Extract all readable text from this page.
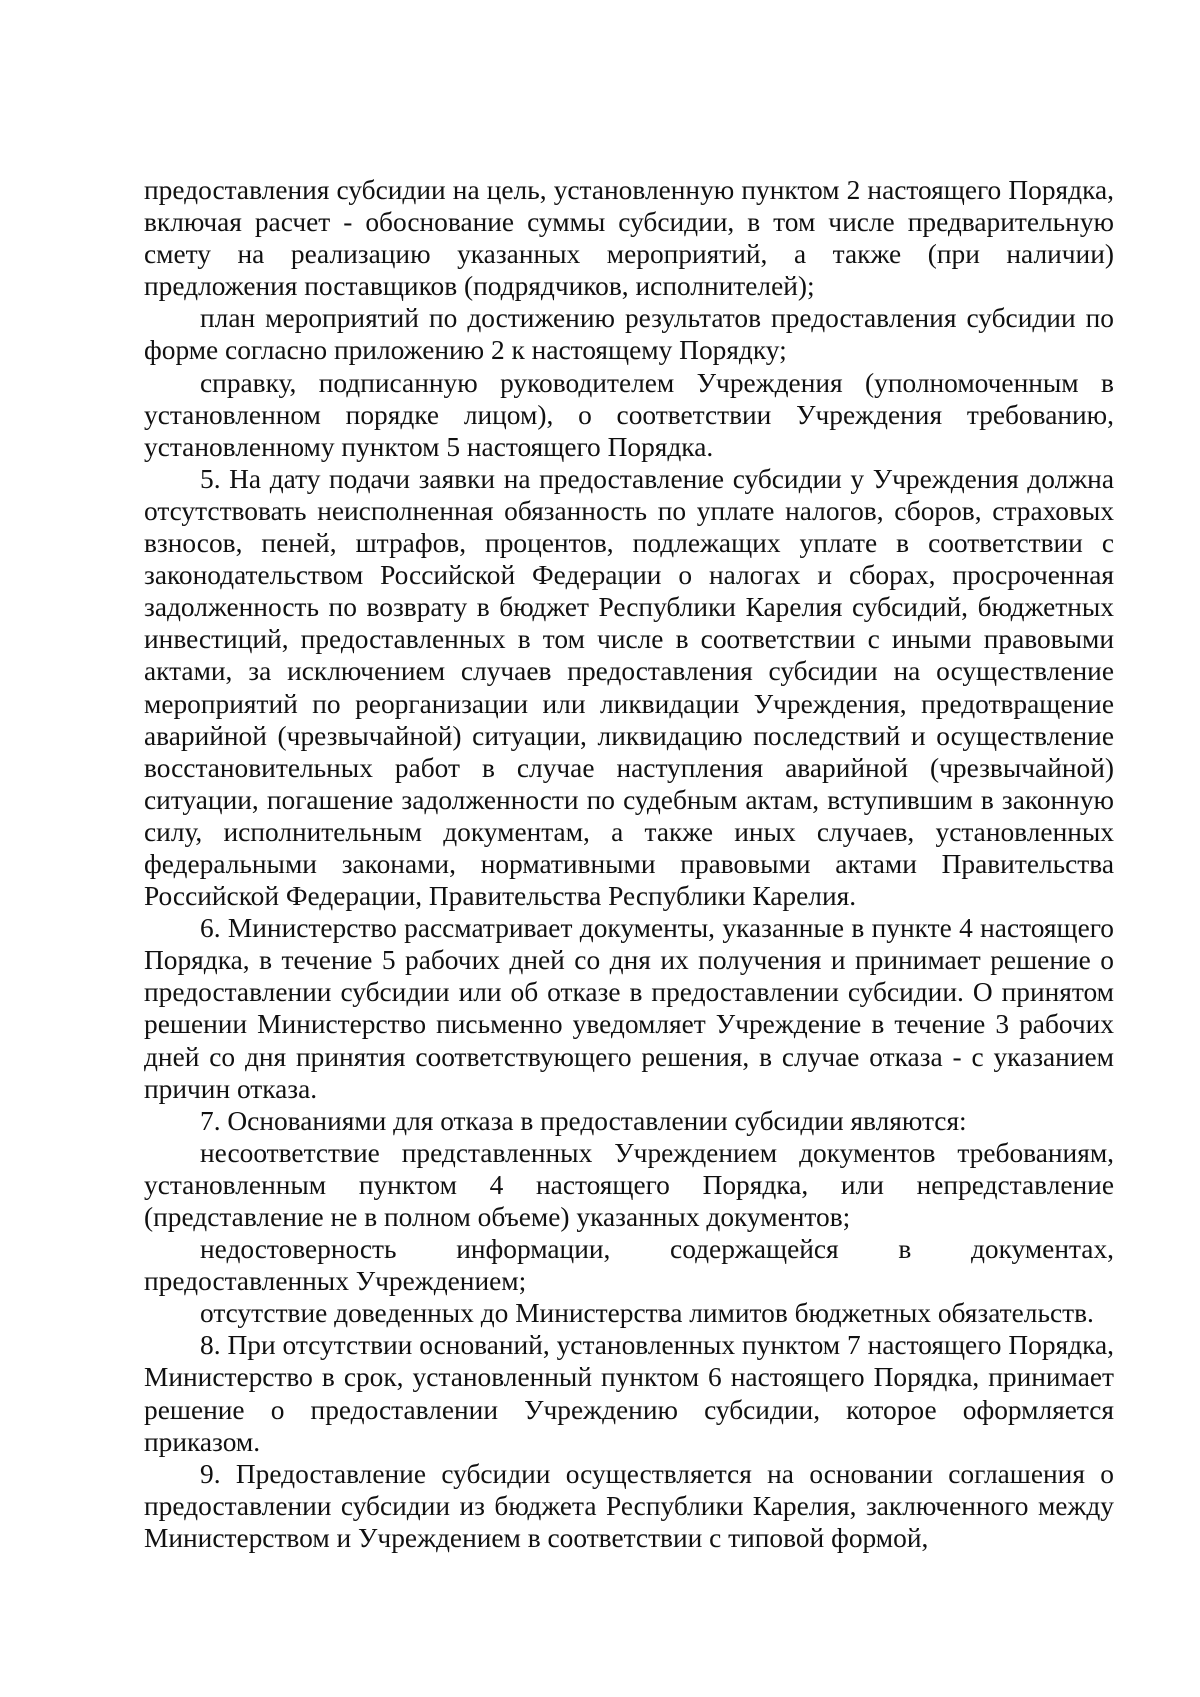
предоставления субсидии на цель, установленную пунктом 2 настоящего Порядка, включая расчет - обоснование суммы субсидии, в том числе предварительную смету на реализацию указанных мероприятий, а также (при наличии) предложения поставщиков (подрядчиков, исполнителей);

план мероприятий по достижению результатов предоставления субсидии по форме согласно приложению 2 к настоящему Порядку;

справку, подписанную руководителем Учреждения (уполномоченным в установленном порядке лицом), о соответствии Учреждения требованию, установленному пунктом 5 настоящего Порядка.

5. На дату подачи заявки на предоставление субсидии у Учреждения должна отсутствовать неисполненная обязанность по уплате налогов, сборов, страховых взносов, пеней, штрафов, процентов, подлежащих уплате в соответствии с законодательством Российской Федерации о налогах и сборах, просроченная задолженность по возврату в бюджет Республики Карелия субсидий, бюджетных инвестиций, предоставленных в том числе в соответствии с иными правовыми актами, за исключением случаев предоставления субсидии на осуществление мероприятий по реорганизации или ликвидации Учреждения, предотвращение аварийной (чрезвычайной) ситуации, ликвидацию последствий и осуществление восстановительных работ в случае наступления аварийной (чрезвычайной) ситуации, погашение задолженности по судебным актам, вступившим в законную силу, исполнительным документам, а также иных случаев, установленных федеральными законами, нормативными правовыми актами Правительства Российской Федерации, Правительства Республики Карелия.

6. Министерство рассматривает документы, указанные в пункте 4 настоящего Порядка, в течение 5 рабочих дней со дня их получения и принимает решение о предоставлении субсидии или об отказе в предоставлении субсидии. О принятом решении Министерство письменно уведомляет Учреждение в течение 3 рабочих дней со дня принятия соответствующего решения, в случае отказа - с указанием причин отказа.

7. Основаниями для отказа в предоставлении субсидии являются:

несоответствие представленных Учреждением документов требованиям, установленным пунктом 4 настоящего Порядка, или непредставление (представление не в полном объеме) указанных документов;

недостоверность информации, содержащейся в документах, предоставленных Учреждением;

отсутствие доведенных до Министерства лимитов бюджетных обязательств.

8. При отсутствии оснований, установленных пунктом 7 настоящего Порядка, Министерство в срок, установленный пунктом 6 настоящего Порядка, принимает решение о предоставлении Учреждению субсидии, которое оформляется приказом.

9. Предоставление субсидии осуществляется на основании соглашения о предоставлении субсидии из бюджета Республики Карелия, заключенного между Министерством и Учреждением в соответствии с типовой формой,
